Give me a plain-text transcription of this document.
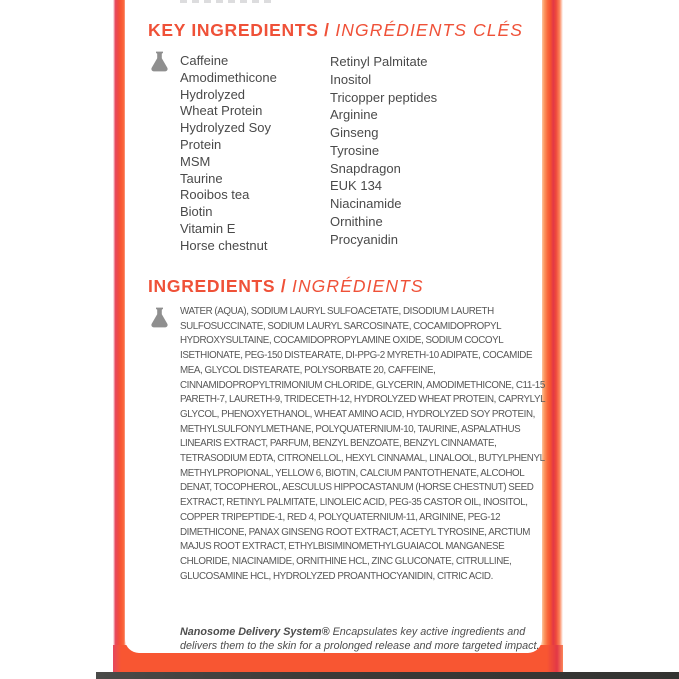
KEY INGREDIENTS / INGRÉDIENTS CLÉS
Caffeine
Amodimethicone
Hydrolyzed Wheat Protein
Hydrolyzed Soy Protein
MSM
Taurine
Rooibos tea
Biotin
Vitamin E
Horse chestnut
Retinyl Palmitate
Inositol
Tricopper peptides
Arginine
Ginseng
Tyrosine
Snapdragon
EUK 134
Niacinamide
Ornithine
Procyanidin
INGREDIENTS / INGRÉDIENTS

WATER (AQUA), SODIUM LAURYL SULFOACETATE, DISODIUM LAURETH SULFOSUCCINATE, SODIUM LAURYL SARCOSINATE, COCAMIDOPROPYL HYDROXYSULTAINE, COCAMIDOPROPYLAMINE OXIDE, SODIUM COCOYL ISETHIONATE, PEG-150 DISTEARATE, DI-PPG-2 MYRETH-10 ADIPATE, COCAMIDE MEA, GLYCOL DISTEARATE, POLYSORBATE 20, CAFFEINE, CINNAMIDOPROPYLTRIMONIUM CHLORIDE, GLYCERIN, AMODIMETHICONE, C11-15 PARETH-7, LAURETH-9, TRIDECETH-12, HYDROLYZED WHEAT PROTEIN, CAPRYLYL GLYCOL, PHENOXYETHANOL, WHEAT AMINO ACID, HYDROLYZED SOY PROTEIN, METHYLSULFONYLMETHANE, POLYQUATERNIUM-10, TAURINE, ASPALATHUS LINEARIS EXTRACT, PARFUM, BENZYL BENZOATE, BENZYL CINNAMATE, TETRASODIUM EDTA, CITRONELLOL, HEXYL CINNAMAL, LINALOOL, BUTYLPHENYL METHYLPROPIONAL, YELLOW 6, BIOTIN, CALCIUM PANTOTHENATE, ALCOHOL DENAT, TOCOPHEROL, AESCULUS HIPPOCASTANUM (HORSE CHESTNUT) SEED EXTRACT, RETINYL PALMITATE, LINOLEIC ACID, PEG-35 CASTOR OIL, INOSITOL, COPPER TRIPEPTIDE-1, RED 4, POLYQUATERNIUM-11, ARGININE, PEG-12 DIMETHICONE, PANAX GINSENG ROOT EXTRACT, ACETYL TYROSINE, ARCTIUM MAJUS ROOT EXTRACT, ETHYLBISIMINOMETHYLGUAIACOL MANGANESE CHLORIDE, NIACINAMIDE, ORNITHINE HCL, ZINC GLUCONATE, CITRULLINE, GLUCOSAMINE HCL, HYDROLYZED PROANTHOCYANIDIN, CITRIC ACID.

Nanosome Delivery System® Encapsulates key active ingredients and delivers them to the skin for a prolonged release and more targeted impact.
